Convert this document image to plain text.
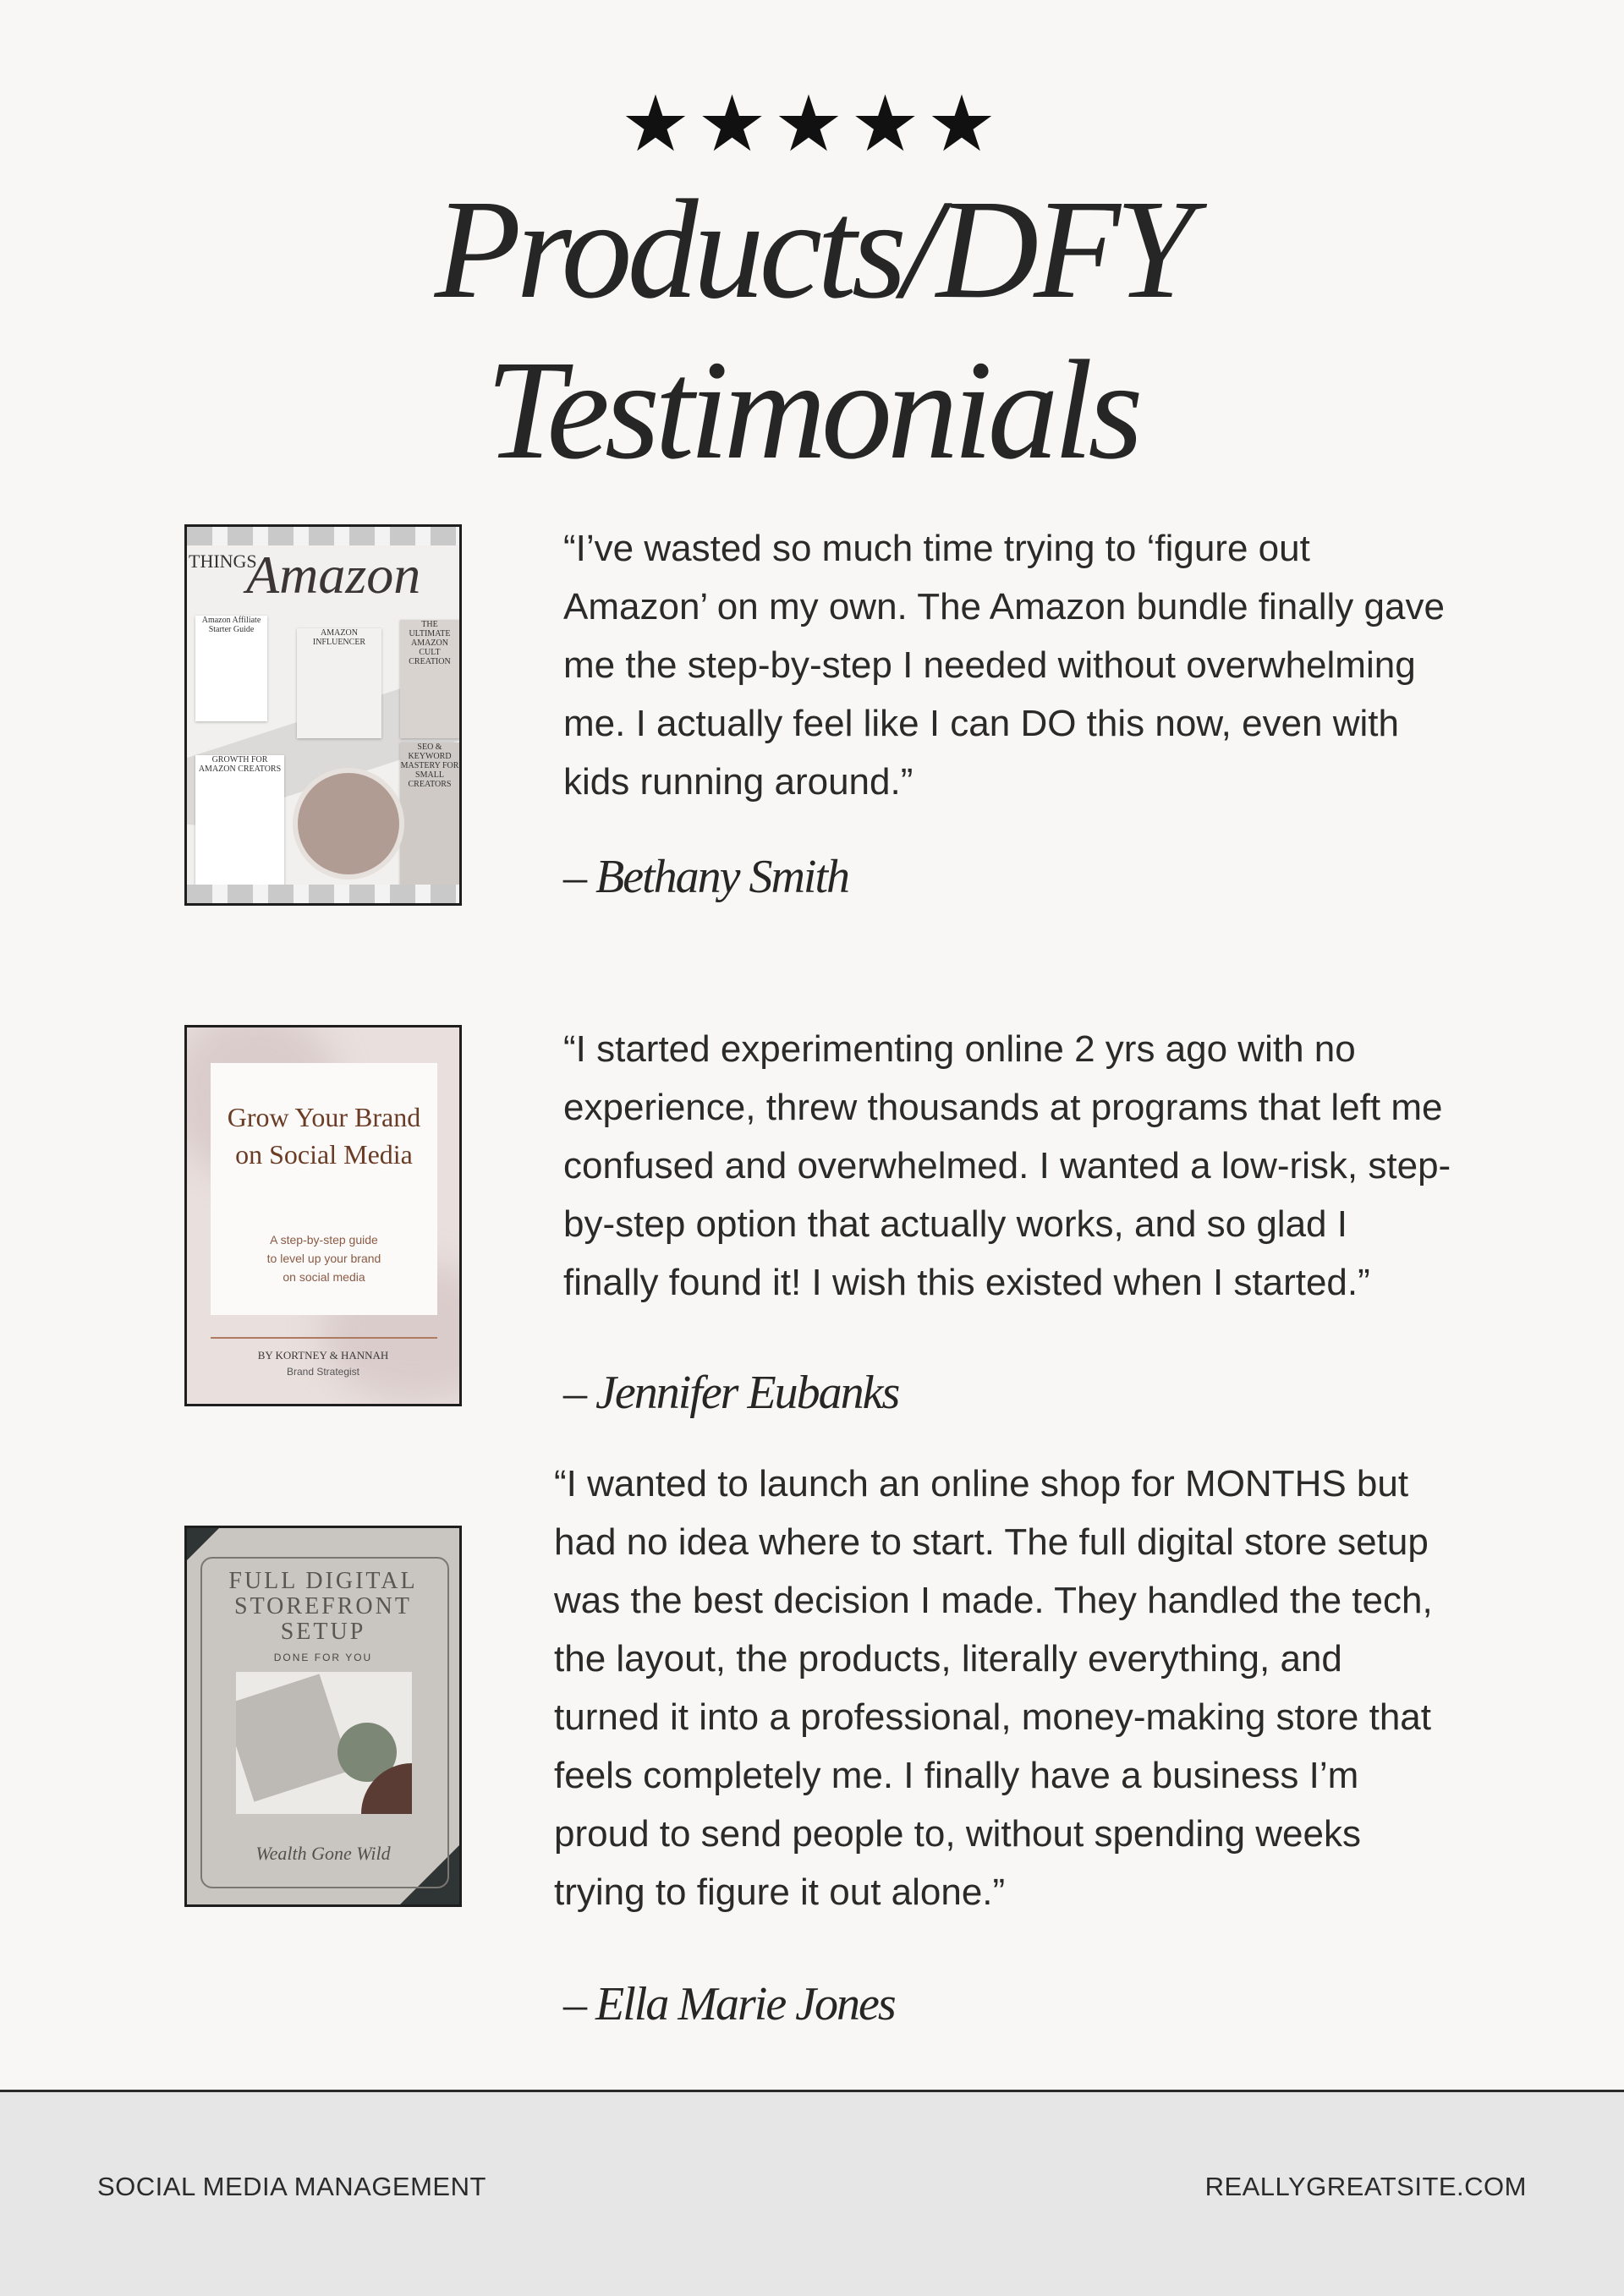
★★★★★
Products/DFY
Testimonials
THINGS
Amazon
Amazon Affiliate Starter Guide	AMAZON INFLUENCER
THE ULTIMATE AMAZON CULT CREATION
GROWTH FOR AMAZON CREATORS
SEO & KEYWORD MASTERY FOR SMALL CREATORS

“I’ve wasted so much time trying to ‘figure out Amazon’ on my own. The Amazon bundle finally gave me the step-by-step I needed without overwhelming me. I actually feel like I can DO this now, even with kids running around.”

– Bethany Smith
Grow Your Brand on Social Media
A step-by-step guide
to level up your brand
on social media
BY KORTNEY & HANNAH
Brand Strategist

“I started experimenting online 2 yrs ago with no experience, threw thousands at programs that left me confused and overwhelmed. I wanted a low-risk, step-by-step option that actually works, and so glad I finally found it! I wish this existed when I started.”

– Jennifer Eubanks
FULL DIGITAL
STOREFRONT
SETUP
DONE FOR YOU
Wealth Gone Wild

“I wanted to launch an online shop for MONTHS but had no idea where to start. The full digital store setup was the best decision I made. They handled the tech, the layout, the products, literally everything, and turned it into a professional, money-making store that feels completely me. I finally have a business I’m proud to send people to, without spending weeks trying to figure it out alone.”

– Ella Marie Jones
SOCIAL MEDIA MANAGEMENT	REALLYGREATSITE.COM
